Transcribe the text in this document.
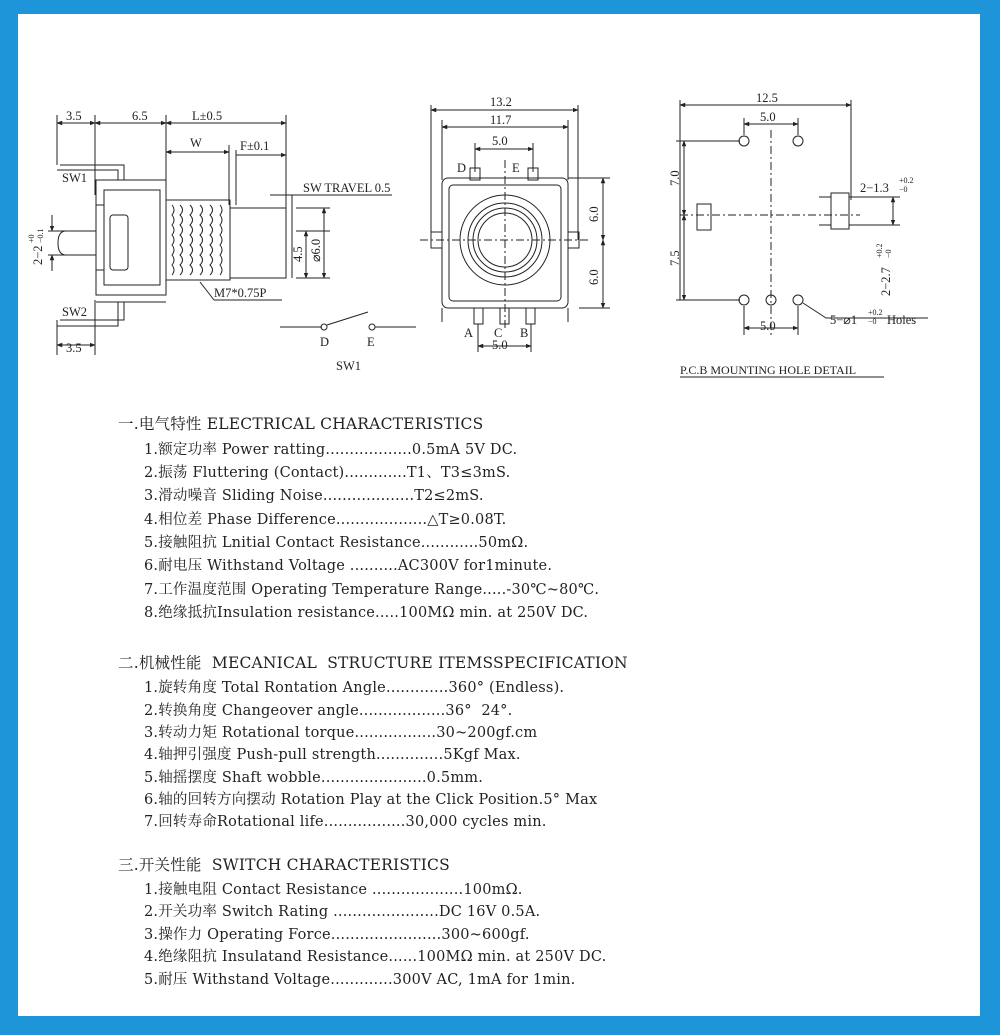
3.5	6.5	L±0.5
W	F±0.1
SW TRAVEL 0.5
SW1
SW2
3.5
M7*0.75P
2−2
+0 −0.1
4.5 ⌀6.0
D	E
SW1
13.2
11.7
5.0
D	E
A C B
5.0
6.0
6.0
12.5
5.0
7.0
7.5
2−1.3
+0.2
−0
2−2.7
+0.2 −0
5.0	5−⌀1
+0.2
−0 Holes
P.C.B MOUNTING HOLE DETAIL
一.电气特性 ELECTRICAL CHARACTERISTICS
1.额定功率 Power ratting..................0.5mA 5V DC.
2.振荡 Fluttering (Contact).............T1、T3≤3mS.
3.滑动噪音 Sliding Noise...................T2≤2mS.
4.相位差 Phase Difference...................△T≥0.08T.
5.接触阻抗 Lnitial Contact Resistance............50mΩ.
6.耐电压 Withstand Voltage ..........AC300V for1minute.
7.工作温度范围 Operating Temperature Range.....-30℃~80℃.
8.绝缘抵抗Insulation resistance.....100MΩ min. at 250V DC.
二.机械性能  MECANICAL  STRUCTURE ITEMSSPECIFICATION
1.旋转角度 Total Rontation Angle.............360° (Endless).
2.转换角度 Changeover angle..................36°  24°.
3.转动力矩 Rotational torque.................30~200gf.cm
4.轴押引强度 Push-pull strength..............5Kgf Max.
5.轴摇摆度 Shaft wobble......................0.5mm.
6.轴的回转方向摆动 Rotation Play at the Click Position.5° Max
7.回转寿命Rotational life.................30,000 cycles min.
三.开关性能  SWITCH CHARACTERISTICS
1.接触电阻 Contact Resistance ...................100mΩ.
2.开关功率 Switch Rating ......................DC 16V 0.5A.
3.操作力 Operating Force.......................300~600gf.
4.绝缘阻抗 Insulatand Resistance......100MΩ min. at 250V DC.
5.耐压 Withstand Voltage.............300V AC, 1mA for 1min.
